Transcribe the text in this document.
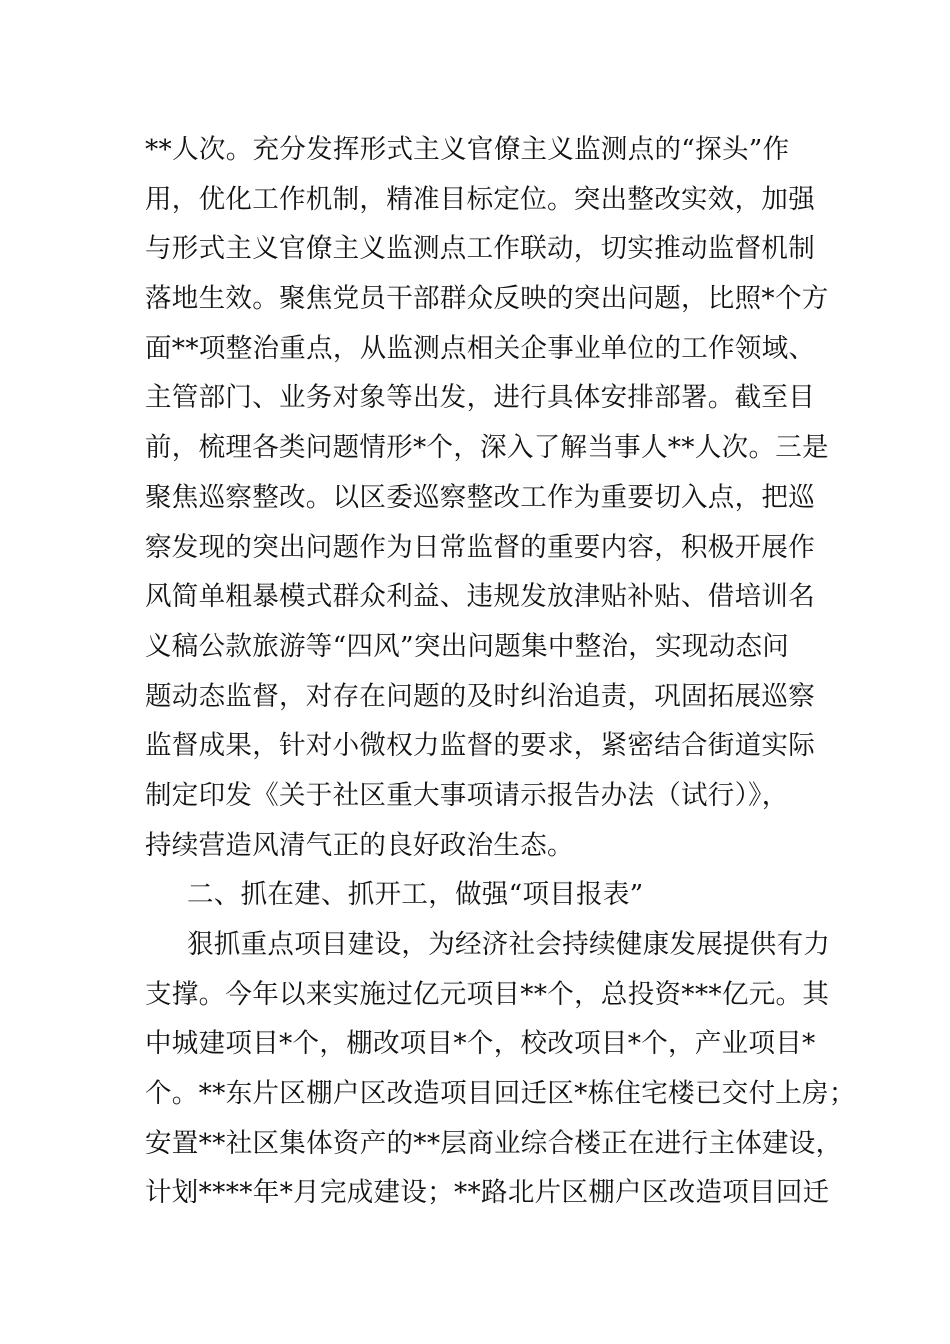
**人次。充分发挥形式主义官僚主义监测点的“探头”作
用，优化工作机制，精准目标定位。突出整改实效，加强
与形式主义官僚主义监测点工作联动，切实推动监督机制
落地生效。聚焦党员干部群众反映的突出问题，比照*个方
面**项整治重点，从监测点相关企事业单位的工作领域、
主管部门、业务对象等出发，进行具体安排部署。截至目
前，梳理各类问题情形*个，深入了解当事人**人次。三是
聚焦巡察整改。以区委巡察整改工作为重要切入点，把巡
察发现的突出问题作为日常监督的重要内容，积极开展作
风简单粗暴模式群众利益、违规发放津贴补贴、借培训名
义稿公款旅游等“四风”突出问题集中整治，实现动态问
题动态监督，对存在问题的及时纠治追责，巩固拓展巡察
监督成果，针对小微权力监督的要求，紧密结合街道实际
制定印发《关于社区重大事项请示报告办法（试行）》，
持续营造风清气正的良好政治生态。
二、抓在建、抓开工，做强“项目报表”
狠抓重点项目建设，为经济社会持续健康发展提供有力
支撑。今年以来实施过亿元项目**个，总投资***亿元。其
中城建项目*个，棚改项目*个，校改项目*个，产业项目*
个。**东片区棚户区改造项目回迁区*栋住宅楼已交付上房；
安置**社区集体资产的**层商业综合楼正在进行主体建设，
计划****年*月完成建设；**路北片区棚户区改造项目回迁
